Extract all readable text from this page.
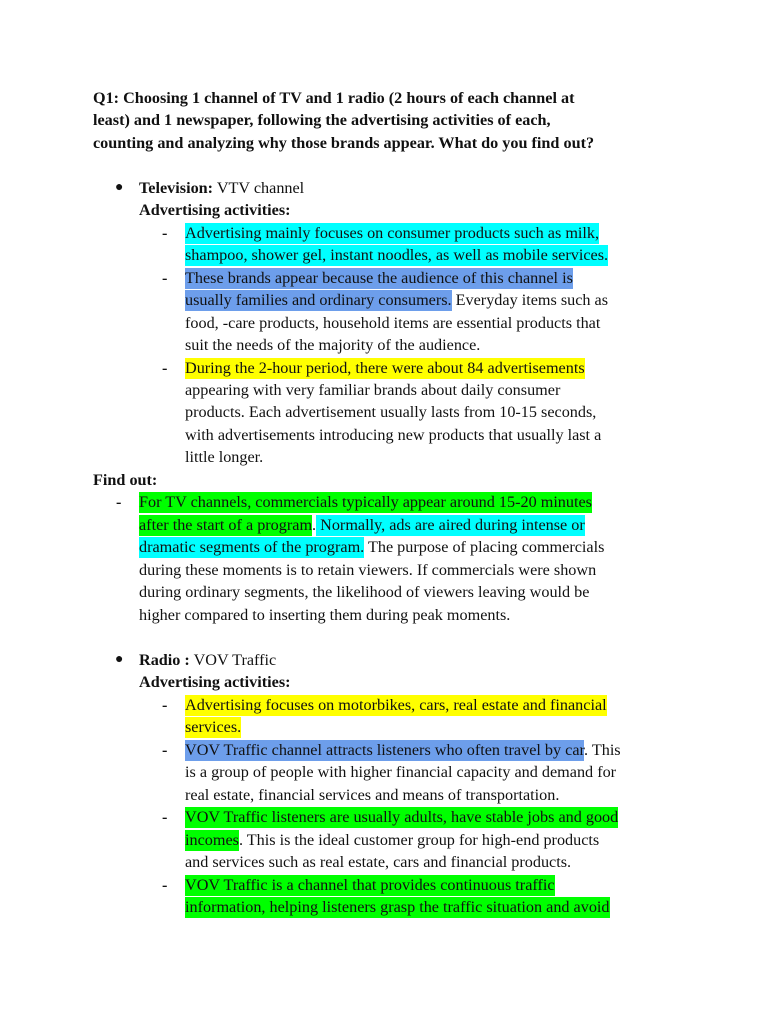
Q1: Choosing 1 channel of TV and 1 radio (2 hours of each channel at
least) and 1 newspaper, following the advertising activities of each,
counting and analyzing why those brands appear. What do you find out?
● Television: VTV channel
Advertising activities:
- Advertising mainly focuses on consumer products such as milk,
shampoo, shower gel, instant noodles, as well as mobile services.
- These brands appear because the audience of this channel is
usually families and ordinary consumers. Everyday items such as
food, -care products, household items are essential products that
suit the needs of the majority of the audience.
- During the 2-hour period, there were about 84 advertisements
appearing with very familiar brands about daily consumer
products. Each advertisement usually lasts from 10-15 seconds,
with advertisements introducing new products that usually last a
little longer.
Find out:
- For TV channels, commercials typically appear around 15-20 minutes
after the start of a program. Normally, ads are aired during intense or
dramatic segments of the program. The purpose of placing commercials
during these moments is to retain viewers. If commercials were shown
during ordinary segments, the likelihood of viewers leaving would be
higher compared to inserting them during peak moments.
● Radio : VOV Traffic
Advertising activities:
- Advertising focuses on motorbikes, cars, real estate and financial
services.
- VOV Traffic channel attracts listeners who often travel by car. This
is a group of people with higher financial capacity and demand for
real estate, financial services and means of transportation.
- VOV Traffic listeners are usually adults, have stable jobs and good
incomes. This is the ideal customer group for high-end products
and services such as real estate, cars and financial products.
- VOV Traffic is a channel that provides continuous traffic
information, helping listeners grasp the traffic situation and avoid
